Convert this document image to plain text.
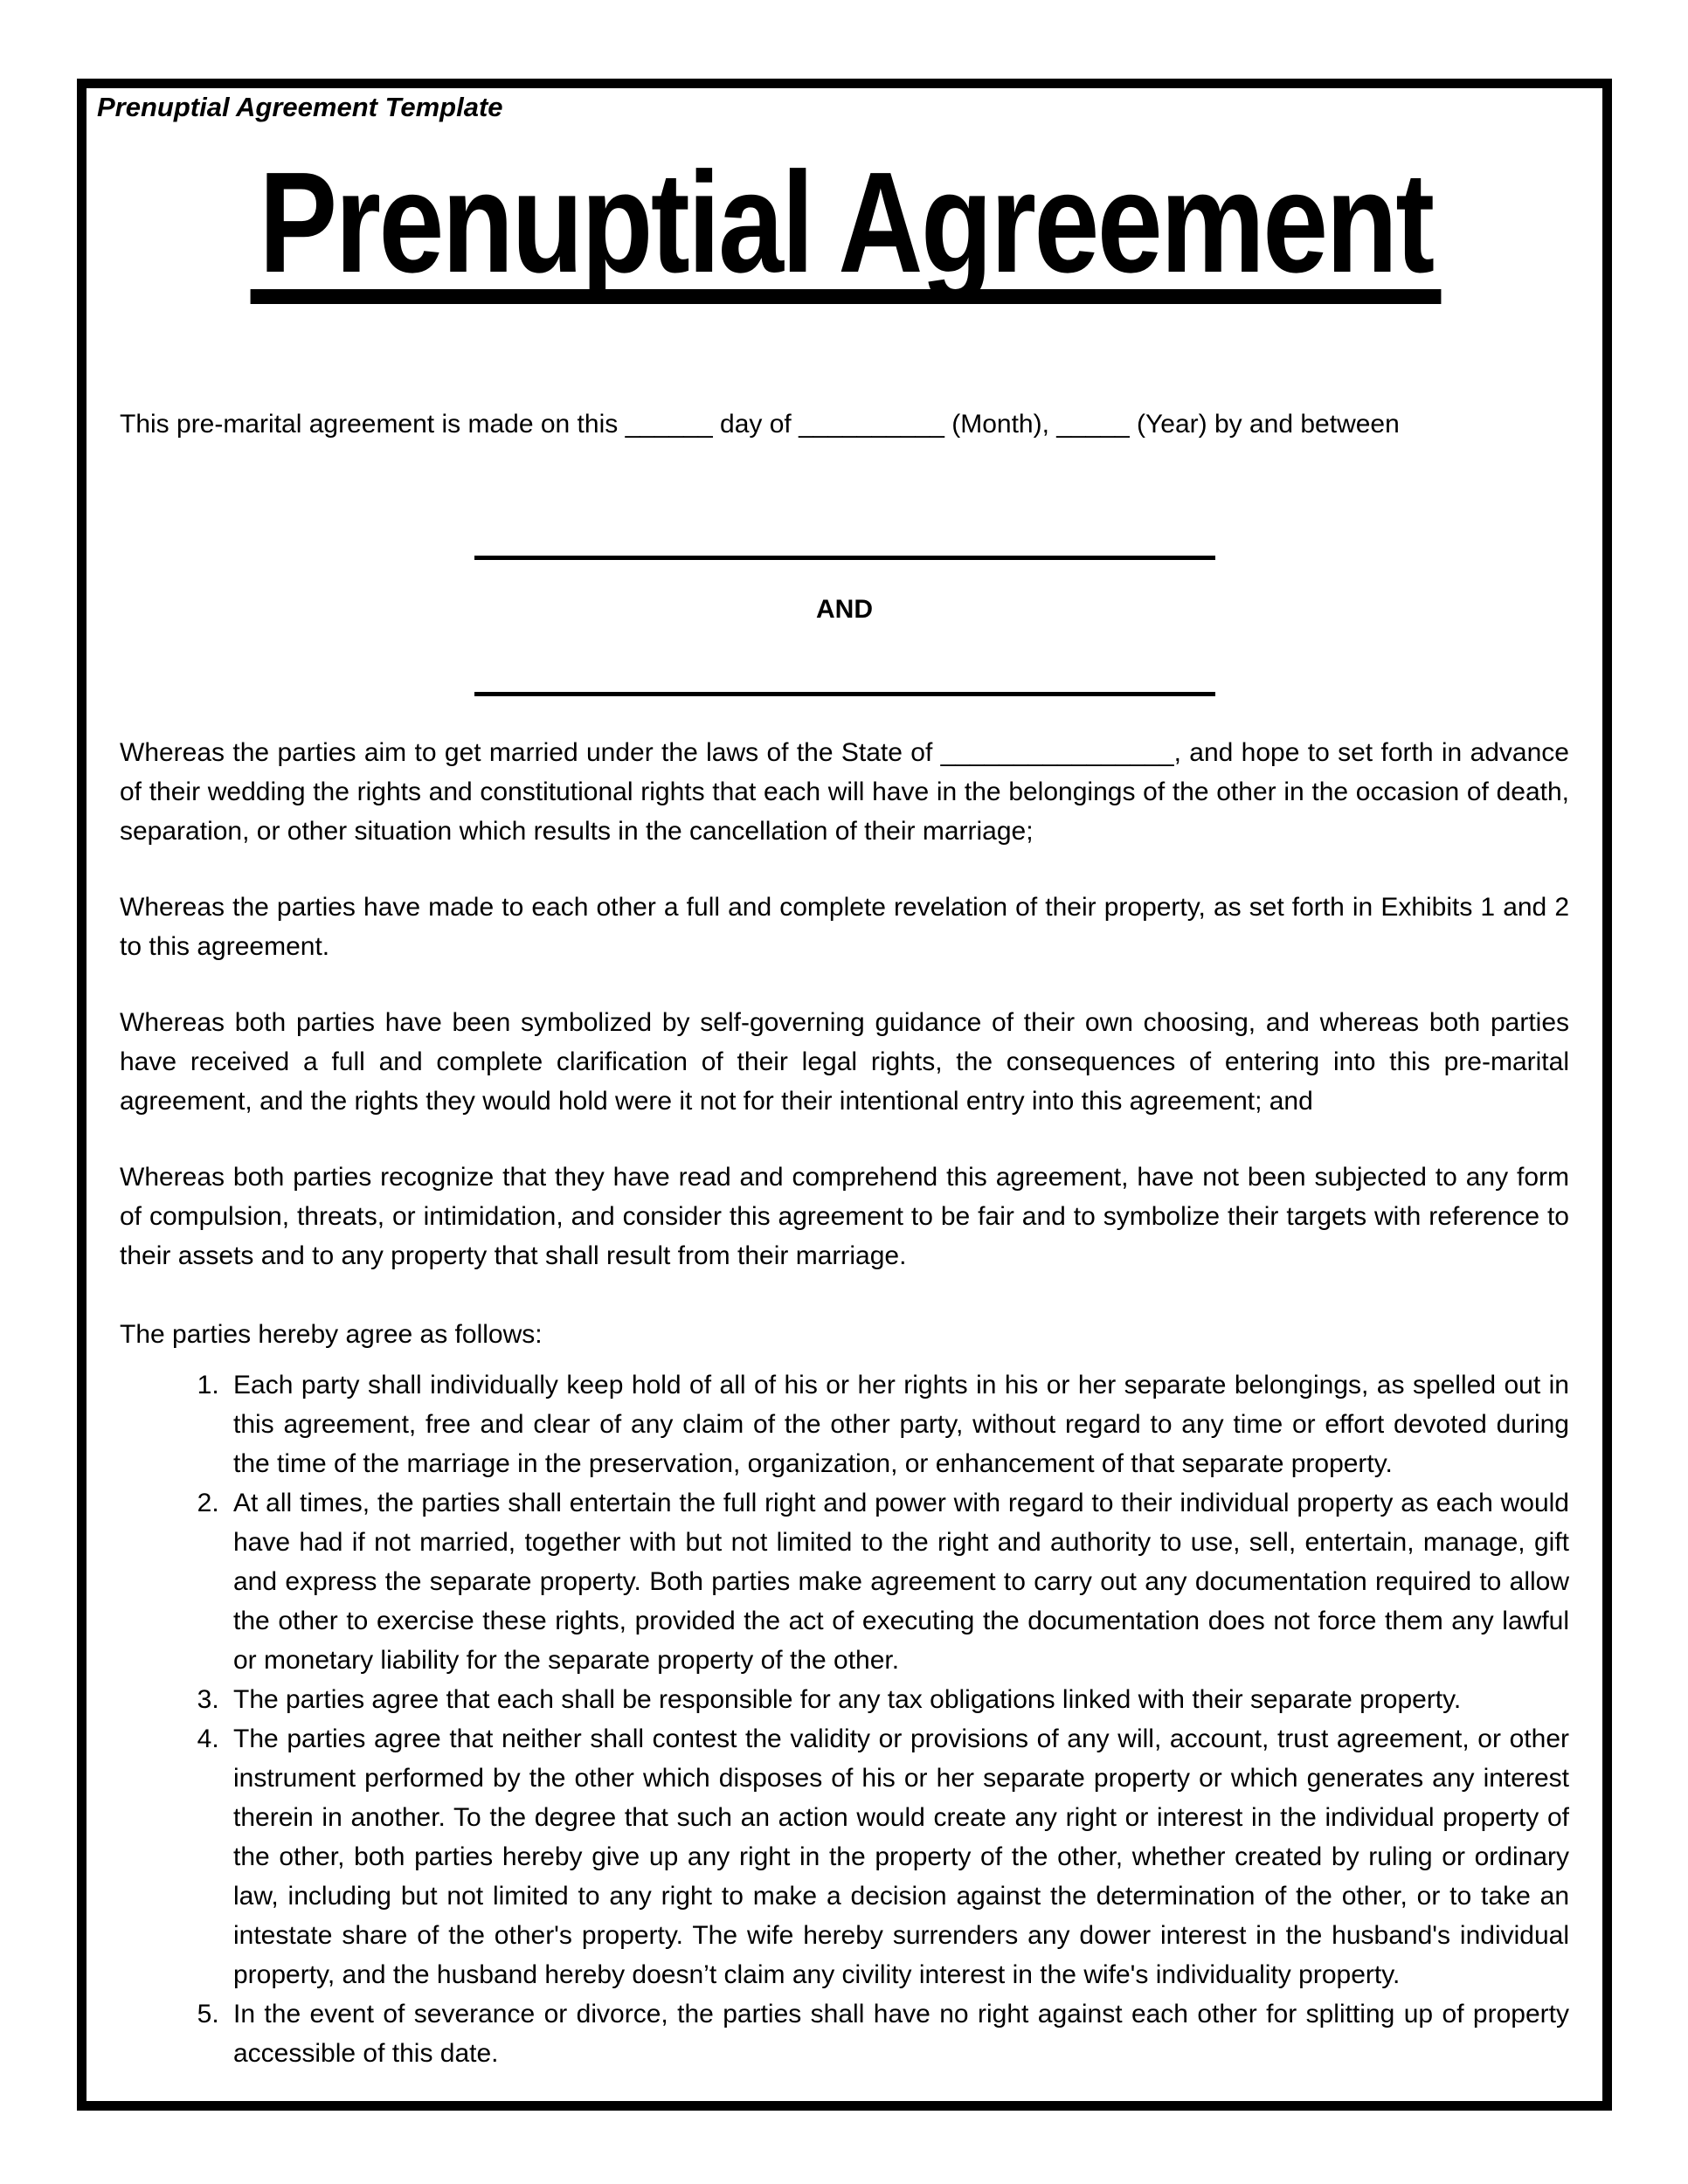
Prenuptial Agreement Template
Prenuptial Agreement

This pre-marital agreement is made on this ______ day of __________ (Month), _____ (Year) by and between

AND

Whereas the parties aim to get married under the laws of the State of ________________, and hope to set forth in advance of their wedding the rights and constitutional rights that each will have in the belongings of the other in the occasion of death, separation, or other situation which results in the cancellation of their marriage;

Whereas the parties have made to each other a full and complete revelation of their property, as set forth in Exhibits 1 and 2 to this agreement.

Whereas both parties have been symbolized by self-governing guidance of their own choosing, and whereas both parties have received a full and complete clarification of their legal rights, the consequences of entering into this pre-marital agreement, and the rights they would hold were it not for their intentional entry into this agreement; and

Whereas both parties recognize that they have read and comprehend this agreement, have not been subjected to any form of compulsion, threats, or intimidation, and consider this agreement to be fair and to symbolize their targets with reference to their assets and to any property that shall result from their marriage.

The parties hereby agree as follows:

1. Each party shall individually keep hold of all of his or her rights in his or her separate belongings, as spelled out in this agreement, free and clear of any claim of the other party, without regard to any time or effort devoted during the time of the marriage in the preservation, organization, or enhancement of that separate property.
2. At all times, the parties shall entertain the full right and power with regard to their individual property as each would have had if not married, together with but not limited to the right and authority to use, sell, entertain, manage, gift and express the separate property. Both parties make agreement to carry out any documentation required to allow the other to exercise these rights, provided the act of executing the documentation does not force them any lawful or monetary liability for the separate property of the other.
3. The parties agree that each shall be responsible for any tax obligations linked with their separate property.
4. The parties agree that neither shall contest the validity or provisions of any will, account, trust agreement, or other instrument performed by the other which disposes of his or her separate property or which generates any interest therein in another. To the degree that such an action would create any right or interest in the individual property of the other, both parties hereby give up any right in the property of the other, whether created by ruling or ordinary law, including but not limited to any right to make a decision against the determination of the other, or to take an intestate share of the other's property. The wife hereby surrenders any dower interest in the husband's individual property, and the husband hereby doesn’t claim any civility interest in the wife's individuality property.
5. In the event of severance or divorce, the parties shall have no right against each other for splitting up of property accessible of this date.
